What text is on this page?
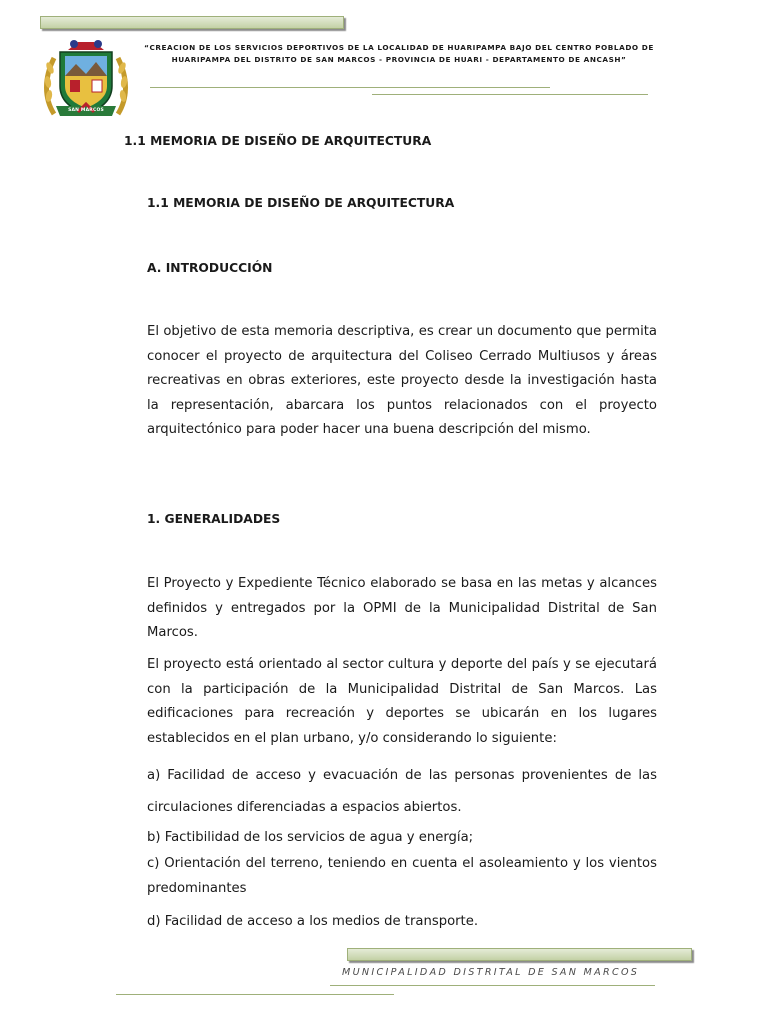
SAN MARCOS
“CREACION DE LOS SERVICIOS DEPORTIVOS DE LA LOCALIDAD DE HUARIPAMPA BAJO DEL CENTRO POBLADO DE
HUARIPAMPA DEL DISTRITO DE SAN MARCOS - PROVINCIA DE HUARI - DEPARTAMENTO DE ANCASH”
1.1 MEMORIA DE DISEÑO DE ARQUITECTURA
1.1 MEMORIA DE DISEÑO DE ARQUITECTURA
A. INTRODUCCIÓN
El objetivo de esta memoria descriptiva, es crear un documento que permita conocer el proyecto de arquitectura del Coliseo Cerrado Multiusos y áreas recreativas en obras exteriores, este proyecto desde la investigación hasta la representación, abarcara los puntos relacionados con el proyecto arquitectónico para poder hacer una buena descripción del mismo.
1. GENERALIDADES
El Proyecto y Expediente Técnico elaborado se basa en las metas y alcances definidos y entregados por la OPMI de la Municipalidad Distrital de San Marcos.
El proyecto está orientado al sector cultura y deporte del país y se ejecutará con la participación de la Municipalidad Distrital de San Marcos. Las edificaciones para recreación y deportes se ubicarán en los lugares establecidos en el plan urbano, y/o considerando lo siguiente:
a) Facilidad de acceso y evacuación de las personas provenientes de las circulaciones diferenciadas a espacios abiertos.
b) Factibilidad de los servicios de agua y energía;
c) Orientación del terreno, teniendo en cuenta el asoleamiento y los vientos predominantes
d) Facilidad de acceso a los medios de transporte.
MUNICIPALIDAD DISTRITAL DE SAN MARCOS
